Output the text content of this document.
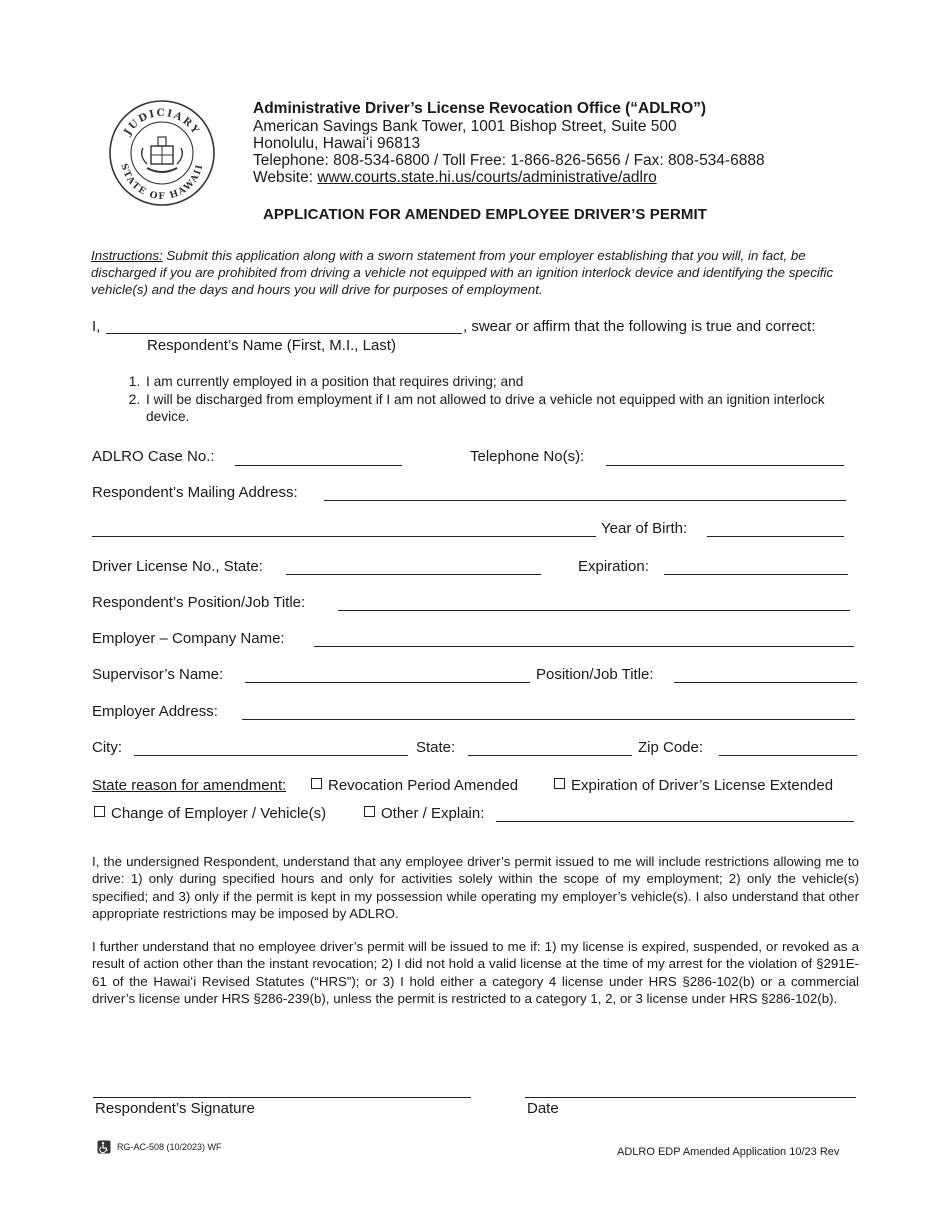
JUDICIARY
STATE OF HAWAII
Administrative Driver’s License Revocation Office (“ADLRO”)
American Savings Bank Tower, 1001 Bishop Street, Suite 500
Honolulu, Hawaiʻi 96813
Telephone: 808-534-6800 / Toll Free: 1-866-826-5656 / Fax: 808-534-6888
Website: www.courts.state.hi.us/courts/administrative/adlro
APPLICATION FOR AMENDED EMPLOYEE DRIVER’S PERMIT
Instructions: Submit this application along with a sworn statement from your employer establishing that you will, in fact, be discharged if you are prohibited from driving a vehicle not equipped with an ignition interlock device and identifying the specific vehicle(s) and the days and hours you will drive for purposes of employment.
I,	, swear or affirm that the following is true and correct:
Respondent’s Name (First, M.I., Last)
1. I am currently employed in a position that requires driving; and
2. I will be discharged from employment if I am not allowed to drive a vehicle not equipped with an ignition interlock device.
ADLRO Case No.:	Telephone No(s):
Respondent’s Mailing Address:
Year of Birth:
Driver License No., State:	Expiration:
Respondent’s Position/Job Title:
Employer – Company Name:
Supervisor’s Name:	Position/Job Title:
Employer Address:
City:	State:	Zip Code:
State reason for amendment:	Revocation Period Amended	Expiration of Driver’s License Extended
Change of Employer / Vehicle(s)	Other / Explain:
I, the undersigned Respondent, understand that any employee driver’s permit issued to me will include restrictions allowing me to drive: 1) only during specified hours and only for activities solely within the scope of my employment; 2) only the vehicle(s) specified; and 3) only if the permit is kept in my possession while operating my employer’s vehicle(s). I also understand that other appropriate restrictions may be imposed by ADLRO.
I further understand that no employee driver’s permit will be issued to me if: 1) my license is expired, suspended, or revoked as a result of action other than the instant revocation; 2) I did not hold a valid license at the time of my arrest for the violation of §291E-61 of the Hawaiʻi Revised Statutes (“HRS”); or 3) I hold either a category 4 license under HRS §286-102(b) or a commercial driver’s license under HRS §286-239(b), unless the permit is restricted to a category 1, 2, or 3 license under HRS §286-102(b).
Respondent’s Signature	Date
RG-AC-508 (10/2023) WF	ADLRO EDP Amended Application 10/23 Rev
